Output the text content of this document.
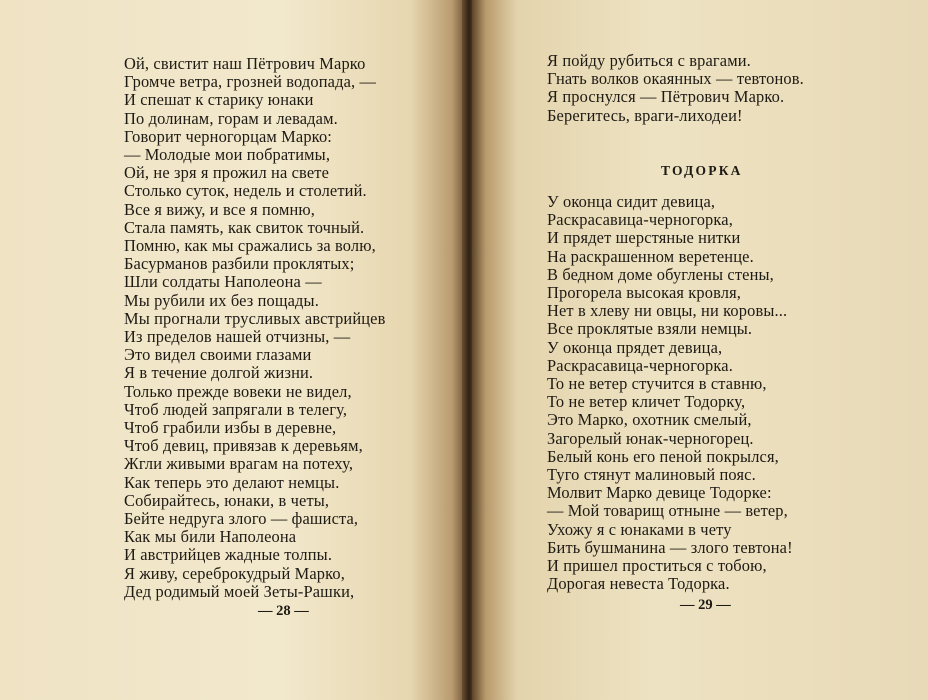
Ой, свистит наш Пётрович Марко
Громче ветра, грозней водопада, —
И спешат к старику юнаки
По долинам, горам и левадам.
Говорит черногорцам Марко:
— Молодые мои побратимы,
Ой, не зря я прожил на свете
Столько суток, недель и столетий.
Все я вижу, и все я помню,
Стала память, как свиток точный.
Помню, как мы сражались за волю,
Басурманов разбили проклятых;
Шли солдаты Наполеона —
Мы рубили их без пощады.
Мы прогнали трусливых австрийцев
Из пределов нашей отчизны, —
Это видел своими глазами
Я в течение долгой жизни.
Только прежде вовеки не видел,
Чтоб людей запрягали в телегу,
Чтоб грабили избы в деревне,
Чтоб девиц, привязав к деревьям,
Жгли живыми врагам на потеху,
Как теперь это делают немцы.
Собирайтесь, юнаки, в четы,
Бейте недруга злого — фашиста,
Как мы били Наполеона
И австрийцев жадные толпы.
Я живу, сереброкудрый Марко,
Дед родимый моей Зеты-Рашки,
— 28 —
Я пойду рубиться с врагами.
Гнать волков окаянных — тевтонов.
Я проснулся — Пётрович Марко.
Берегитесь, враги-лиходеи!
ТОДОРКА
У оконца сидит девица,
Раскрасавица-черногорка,
И прядет шерстяные нитки
На раскрашенном веретенце.
В бедном доме обуглены стены,
Прогорела высокая кровля,
Нет в хлеву ни овцы, ни коровы...
Все проклятые взяли немцы.
У оконца прядет девица,
Раскрасавица-черногорка.
То не ветер стучится в ставню,
То не ветер кличет Тодорку,
Это Марко, охотник смелый,
Загорелый юнак-черногорец.
Белый конь его пеной покрылся,
Туго стянут малиновый пояс.
Молвит Марко девице Тодорке:
— Мой товарищ отныне — ветер,
Ухожу я с юнаками в чету
Бить бушманина — злого тевтона!
И пришел проститься с тобою,
Дорогая невеста Тодорка.
— 29 —
